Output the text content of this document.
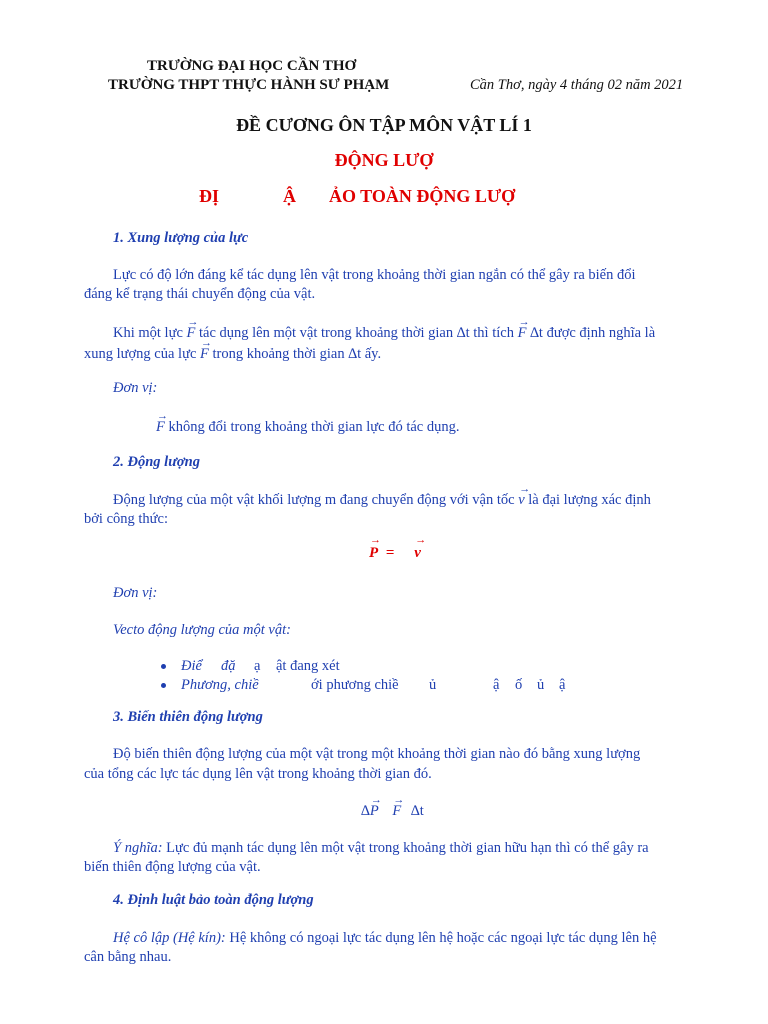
TRƯỜNG ĐẠI HỌC CẦN THƠ
TRƯỜNG THPT THỰC HÀNH SƯ PHẠM	Cần Thơ, ngày 4 tháng 02 năm 2021
ĐỀ CƯƠNG ÔN TẬP MÔN VẬT LÍ 1
ĐỘNG LƯỢ
ĐỊ	Ậ ẢO TOÀN ĐỘNG LƯỢ
1. Xung lượng của lực
Lực có độ lớn đáng kể tác dụng lên vật trong khoảng thời gian ngắn có thể gây ra biến đổi
đáng kể trạng thái chuyển động của vật.
Khi một lực → F tác dụng lên một vật trong khoảng thời gian ∆t thì tích → F ∆t được định nghĩa là
xung lượng của lực → F trong khoảng thời gian ∆t ấy.
Đơn vị:
→ F không đổi trong khoảng thời gian lực đó tác dụng.
2. Động lượng
Động lượng của một vật khối lượng m đang chuyển động với vận tốc → v là đại lượng xác định
bởi công thức:
→ P = → v
Đơn vị:
Vecto động lượng của một vật:
Điể đặ ạ ật đang xét
Phương, chiề	ới phương chiề ủ	ậ ố ủ ậ
3. Biến thiên động lượng
Độ biến thiên động lượng của một vật trong một khoảng thời gian nào đó bằng xung lượng
của tổng các lực tác dụng lên vật trong khoảng thời gian đó.
∆→ P → F ∆t
Ý nghĩa: Lực đủ mạnh tác dụng lên một vật trong khoảng thời gian hữu hạn thì có thể gây ra
biến thiên động lượng của vật.
4. Định luật bảo toàn động lượng
Hệ cô lập (Hệ kín): Hệ không có ngoại lực tác dụng lên hệ hoặc các ngoại lực tác dụng lên hệ
cân bằng nhau.
